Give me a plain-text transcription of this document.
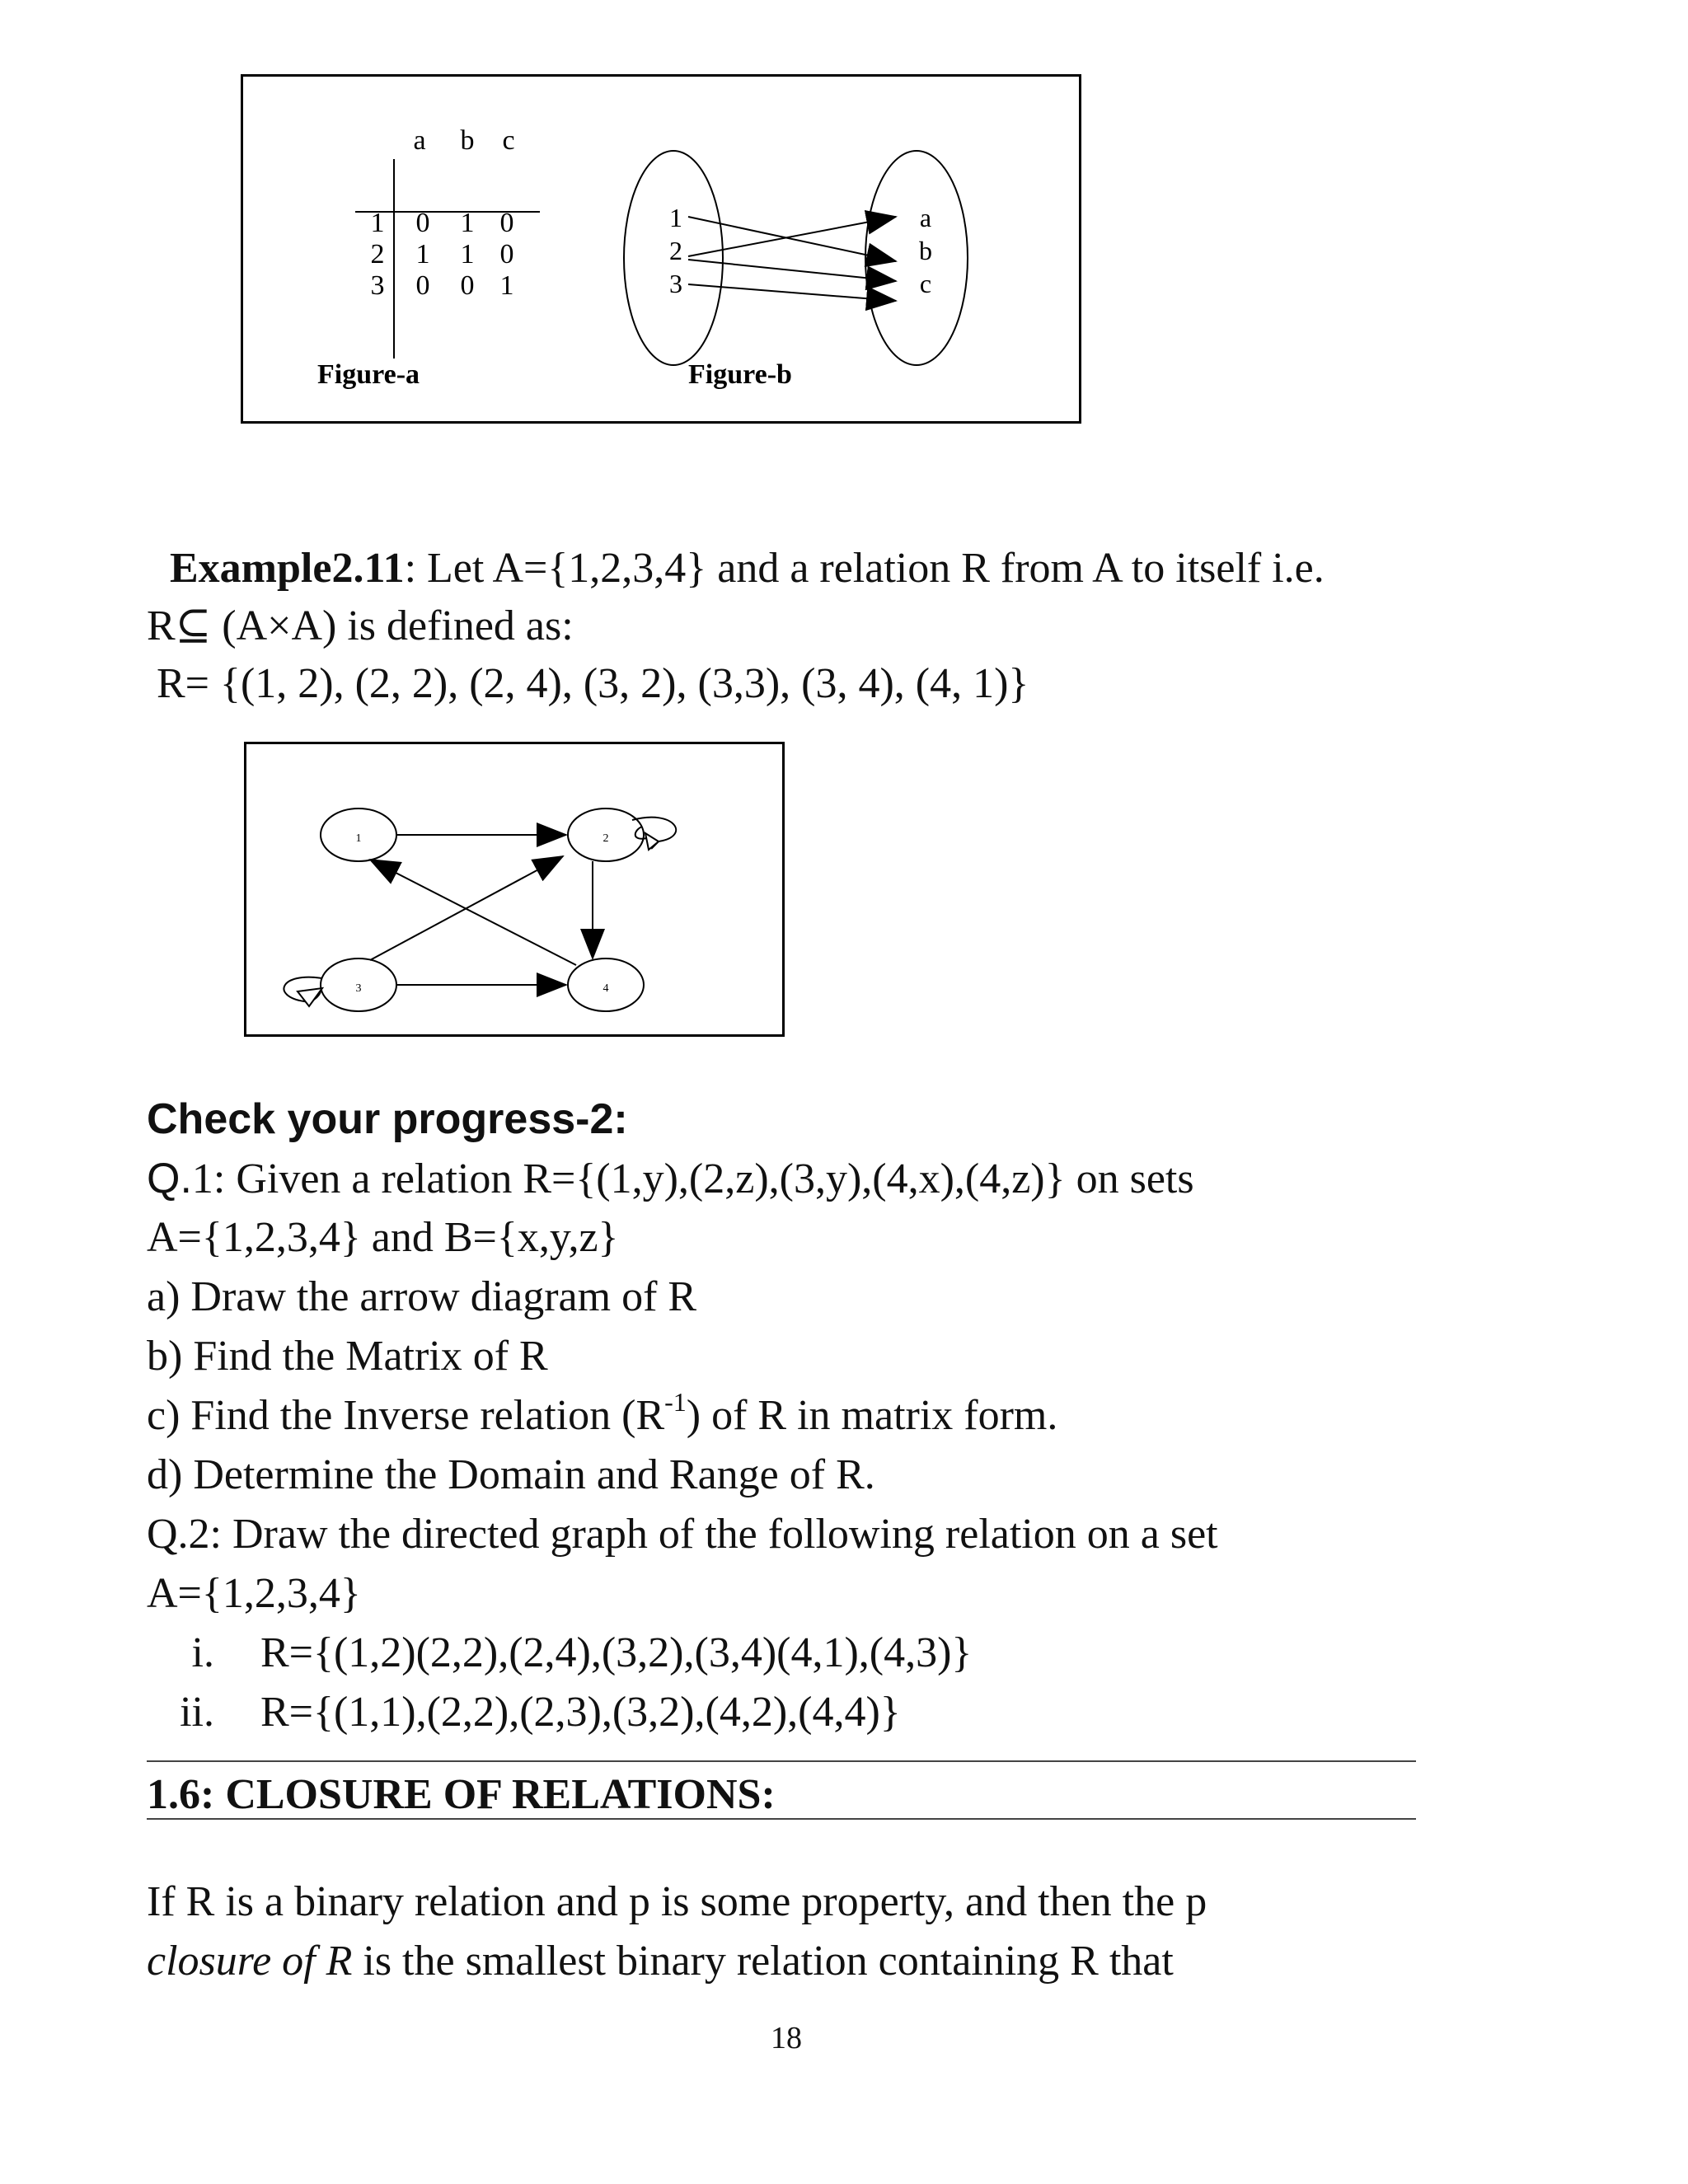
a b c
1 0 1 0
2 1 1 0
3 0 0 1
Figure-a
1
2
3
a
b
c
Figure-b
Example2.11: Let A={1,2,3,4} and a relation R from A to itself i.e.
R⊆ (A×A) is defined as:
R= {(1, 2), (2, 2), (2, 4), (3, 2), (3,3), (3, 4), (4, 1)}
1	2
3	4
Check your progress-2:
Q.1: Given a relation R={(1,y),(2,z),(3,y),(4,x),(4,z)} on sets
A={1,2,3,4} and B={x,y,z}
a) Draw the arrow diagram of R
b) Find the Matrix of R
c) Find the Inverse relation $(R^{-1})$ of R in matrix form.
d) Determine the Domain and Range of R.
Q.2: Draw the directed graph of the following relation on a set
A={1,2,3,4}
i. R={(1,2)(2,2),(2,4),(3,2),(3,4)(4,1),(4,3)}
ii. R={(1,1),(2,2),(2,3),(3,2),(4,2),(4,4)}
1.6: CLOSURE OF RELATIONS:
If R is a binary relation and p is some property, and then the p
closure of R is the smallest binary relation containing R that
18
